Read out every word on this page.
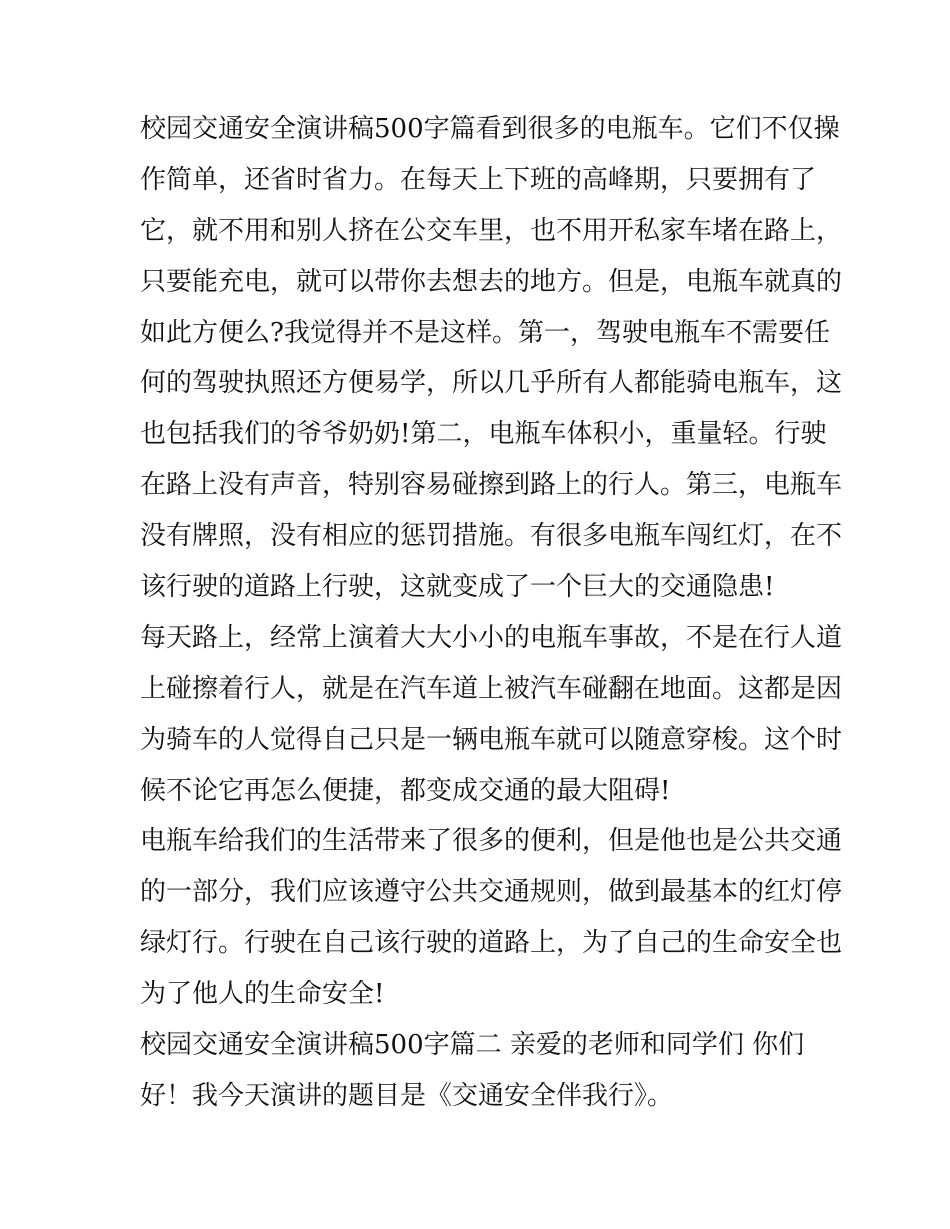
校园交通安全演讲稿500字篇看到很多的电瓶车。它们不仅操
作简单，还省时省力。在每天上下班的高峰期，只要拥有了
它，就不用和别人挤在公交车里，也不用开私家车堵在路上，
只要能充电，就可以带你去想去的地方。但是，电瓶车就真的
如此方便么?我觉得并不是这样。第一，驾驶电瓶车不需要任
何的驾驶执照还方便易学，所以几乎所有人都能骑电瓶车，这
也包括我们的爷爷奶奶!第二，电瓶车体积小，重量轻。行驶
在路上没有声音，特别容易碰擦到路上的行人。第三，电瓶车
没有牌照，没有相应的惩罚措施。有很多电瓶车闯红灯，在不
该行驶的道路上行驶，这就变成了一个巨大的交通隐患!
每天路上，经常上演着大大小小的电瓶车事故，不是在行人道
上碰擦着行人，就是在汽车道上被汽车碰翻在地面。这都是因
为骑车的人觉得自己只是一辆电瓶车就可以随意穿梭。这个时
候不论它再怎么便捷，都变成交通的最大阻碍!
电瓶车给我们的生活带来了很多的便利，但是他也是公共交通
的一部分，我们应该遵守公共交通规则，做到最基本的红灯停
绿灯行。行驶在自己该行驶的道路上，为了自己的生命安全也
为了他人的生命安全!
校园交通安全演讲稿500字篇二 亲爱的老师和同学们 你们
好！我今天演讲的题目是《交通安全伴我行》。
